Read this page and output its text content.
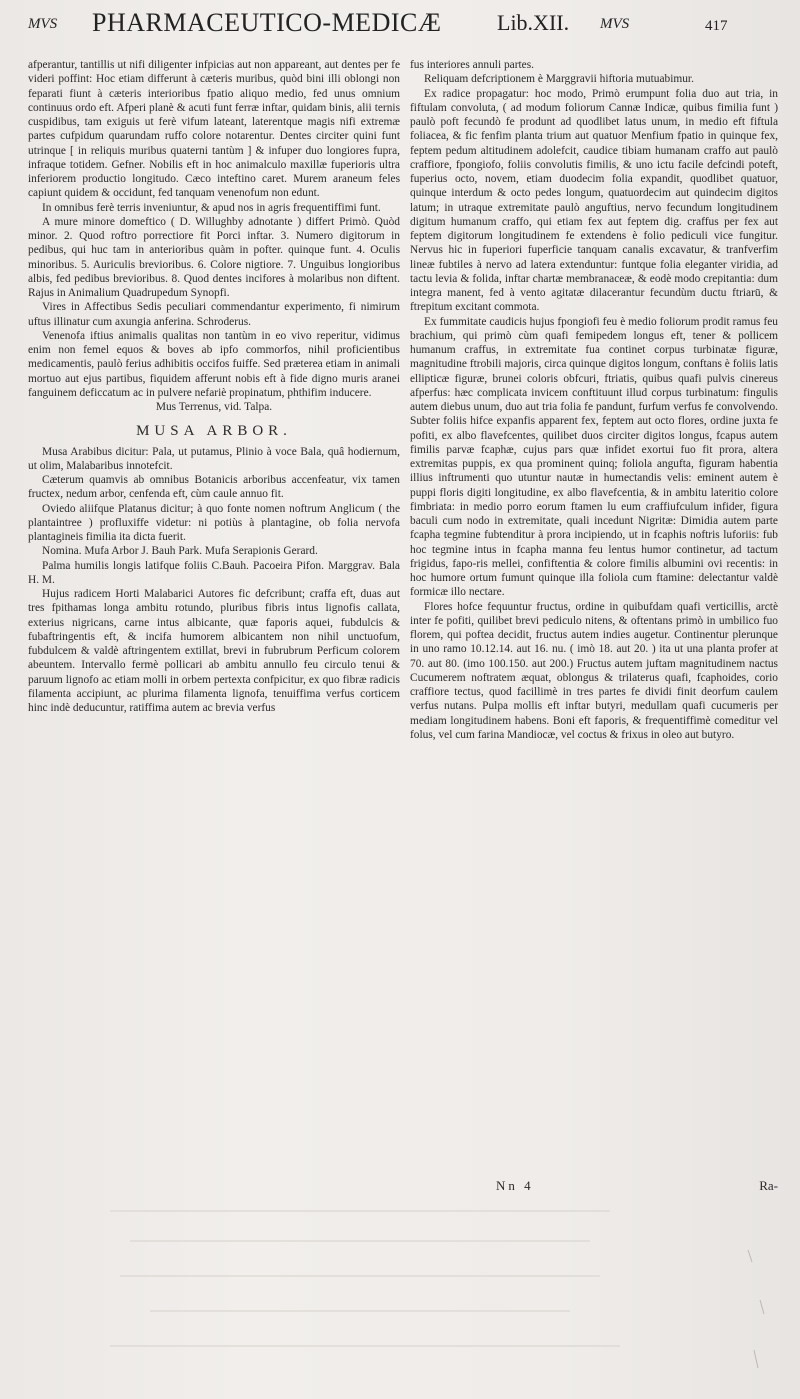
MVS PHARMACEUTICO-MEDICÆ	Lib.XII. MVS	417

afperantur, tantillis ut nifi diligenter infpicias aut non appareant, aut dentes per fe videri poffint: Hoc etiam differunt à cæteris muribus, quòd bini illi oblongi non feparati fiunt à cæteris interioribus fpatio aliquo medio, fed unus omnium continuus ordo eft. Afperi planè & acuti funt ferræ inftar, quidam binis, alii ternis cuspidibus, tam exiguis ut ferè vifum lateant, laterentque magis nifi extremæ partes cufpidum quarundam ruffo colore notarentur. Dentes circiter quini funt utrinque [ in reliquis muribus quaterni tantùm ] & infuper duo longiores fupra, infraque totidem. Gefner. Nobilis eft in hoc animalculo maxillæ fuperioris ultra inferiorem productio longitudo. Cæco inteftino caret. Murem araneum feles capiunt quidem & occidunt, fed tanquam venenofum non edunt.

In omnibus ferè terris inveniuntur, & apud nos in agris frequentiffimi funt.

A mure minore domeftico ( D. Willughby adnotante ) differt Primò. Quòd minor. 2. Quod roftro porrectiore fit Porci inftar. 3. Numero digitorum in pedibus, qui huc tam in anterioribus quàm in pofter. quinque funt. 4. Oculis minoribus. 5. Auriculis brevioribus. 6. Colore nigtiore. 7. Unguibus longioribus albis, fed pedibus brevioribus. 8. Quod dentes incifores à molaribus non diftent. Rajus in Animalium Quadrupedum Synopfi.

Vires in Affectibus Sedis peculiari commendantur experimento, fi nimirum uftus illinatur cum axungia anferina. Schroderus.

Venenofa iftius animalis qualitas non tantùm in eo vivo reperitur, vidimus enim non femel equos & boves ab ipfo commorfos, nihil proficientibus medicamentis, paulò ferius adhibitis occifos fuiffe. Sed præterea etiam in animali mortuo aut ejus partibus, fiquidem afferunt nobis eft à fide digno muris aranei fanguinem deficcatum ac in pulvere nefariè propinatum, phthifim inducere.

Mus Terrenus, vid. Talpa.

MUSA ARBOR.

Musa Arabibus dicitur: Pala, ut putamus, Plinio à voce Bala, quâ hodiernum, ut olim, Malabaribus innotefcit.

Cæterum quamvis ab omnibus Botanicis arboribus accenfeatur, vix tamen fructex, nedum arbor, cenfenda eft, cùm caule annuo fit.

Oviedo aliifque Platanus dicitur; à quo fonte nomen noftrum Anglicum ( the plantaintree ) profluxiffe videtur: ni potiùs à plantagine, ob folia nervofa plantagineis fimilia ita dicta fuerit.

Nomina. Mufa Arbor J. Bauh Park. Mufa Serapionis Gerard.

Palma humilis longis latifque foliis C.Bauh. Pacoeira Pifon. Marggrav. Bala H. M.

Hujus radicem Horti Malabarici Autores fic defcribunt; craffa eft, duas aut tres fpithamas longa ambitu rotundo, pluribus fibris intus lignofis callata, exterius nigricans, carne intus albicante, quæ faporis aquei, fubdulcis & fubaftringentis eft, & incifa humorem albicantem non nihil unctuofum, fubdulcem & valdè aftringentem extillat, brevi in fubrubrum Perficum colorem abeuntem. Intervallo fermè pollicari ab ambitu annullo feu circulo tenui & paruum lignofo ac etiam molli in orbem pertexta confpicitur, ex quo fibræ radicis filamenta accipiunt, ac plurima filamenta lignofa, tenuiffima verfus corticem hinc indè deducuntur, ratiffima autem ac brevia verfus

fus interiores annuli partes.

Reliquam defcriptionem è Marggravii hiftoria mutuabimur.

Ex radice propagatur: hoc modo, Primò erumpunt folia duo aut tria, in fiftulam convoluta, ( ad modum foliorum Cannæ Indicæ, quibus fimilia funt ) paulò poft fecundò fe produnt ad quodlibet latus unum, in medio eft fiftula foliacea, & fic fenfim planta trium aut quatuor Menfium fpatio in quinque fex, feptem pedum altitudinem adolefcit, caudice tibiam humanam craffo aut paulò craffiore, fpongiofo, foliis convolutis fimilis, & uno ictu facile defcindi poteft, fuperius octo, novem, etiam duodecim folia expandit, quodlibet quatuor, quinque interdum & octo pedes longum, quatuordecim aut quindecim digitos latum; in utraque extremitate paulò anguftius, nervo fecundum longitudinem digitum humanum craffo, qui etiam fex aut feptem dig. craffus per fex aut feptem digitorum longitudinem fe extendens è folio pediculi vice fungitur. Nervus hic in fuperiori fuperficie tanquam canalis excavatur, & tranfverfim lineæ fubtiles à nervo ad latera extenduntur: funtque folia eleganter viridia, ad tactu levia & folida, inftar chartæ membranaceæ, & eodè modo crepitantia: dum integra manent, fed à vento agitatæ dilacerantur fecundùm ductu ftriarū, & ftrepitum excitant commota.

Ex fummitate caudicis hujus fpongiofi feu è medio foliorum prodit ramus feu brachium, qui primò cùm quafi femipedem longus eft, tener & pollicem humanum craffus, in extremitate fua continet corpus turbinatæ figuræ, magnitudine ftrobili majoris, circa quinque digitos longum, conftans è foliis latis ellipticæ figuræ, brunei coloris obfcuri, ftriatis, quibus quafi pulvis cinereus afperfus: hæc complicata invicem conftituunt illud corpus turbinatum: fingulis autem diebus unum, duo aut tria folia fe pandunt, furfum verfus fe convolvendo. Subter foliis hifce expanfis apparent fex, feptem aut octo flores, ordine juxta fe pofiti, ex albo flavefcentes, quilibet duos circiter digitos longus, fcapus autem fimilis parvæ fcaphæ, cujus pars quæ infidet exortui fuo fit prora, altera extremitas puppis, ex qua prominent quinq; foliola angufta, figuram habentia illius inftrumenti quo utuntur nautæ in humectandis velis: eminent autem è puppi floris digiti longitudine, ex albo flavefcentia, & in ambitu lateritio colore fimbriata: in medio porro eorum ftamen lu eum craffiufculum infider, figura baculi cum nodo in extremitate, quali incedunt Nigritæ: Dimidia autem parte fcapha tegmine fubtenditur à prora incipiendo, ut in fcaphis noftris luforiis: fub hoc tegmine intus in fcapha manna feu lentus humor continetur, ad tactum frigidus, fapo-ris mellei, confiftentia & colore fimilis albumini ovi recentis: in hoc humore ortum fumunt quinque illa foliola cum ftamine: delectantur valdè formicæ illo nectare.

Flores hofce fequuntur fructus, ordine in quibufdam quafi verticillis, arctè inter fe pofiti, quilibet brevi pediculo nitens, & oftentans primò in umbilico fuo florem, qui poftea decidit, fructus autem indies augetur. Continentur plerunque in uno ramo 10.12.14. aut 16. nu. ( imò 18. aut 20. ) ita ut una planta profer at 70. aut 80. (imo 100.150. aut 200.) Fructus autem juftam magnitudinem nactus Cucumerem noftratem æquat, oblongus & trilaterus quafi, fcaphoides, corio craffiore tectus, quod facillimè in tres partes fe dividi finit deorfum caulem verfus nutans. Pulpa mollis eft inftar butyri, medullam quafi cucumeris per mediam longitudinem habens. Boni eft faporis, & frequentiffimè comeditur vel folus, vel cum farina Mandiocæ, vel coctus & frixus in oleo aut butyro.

Nn 4	Ra-
